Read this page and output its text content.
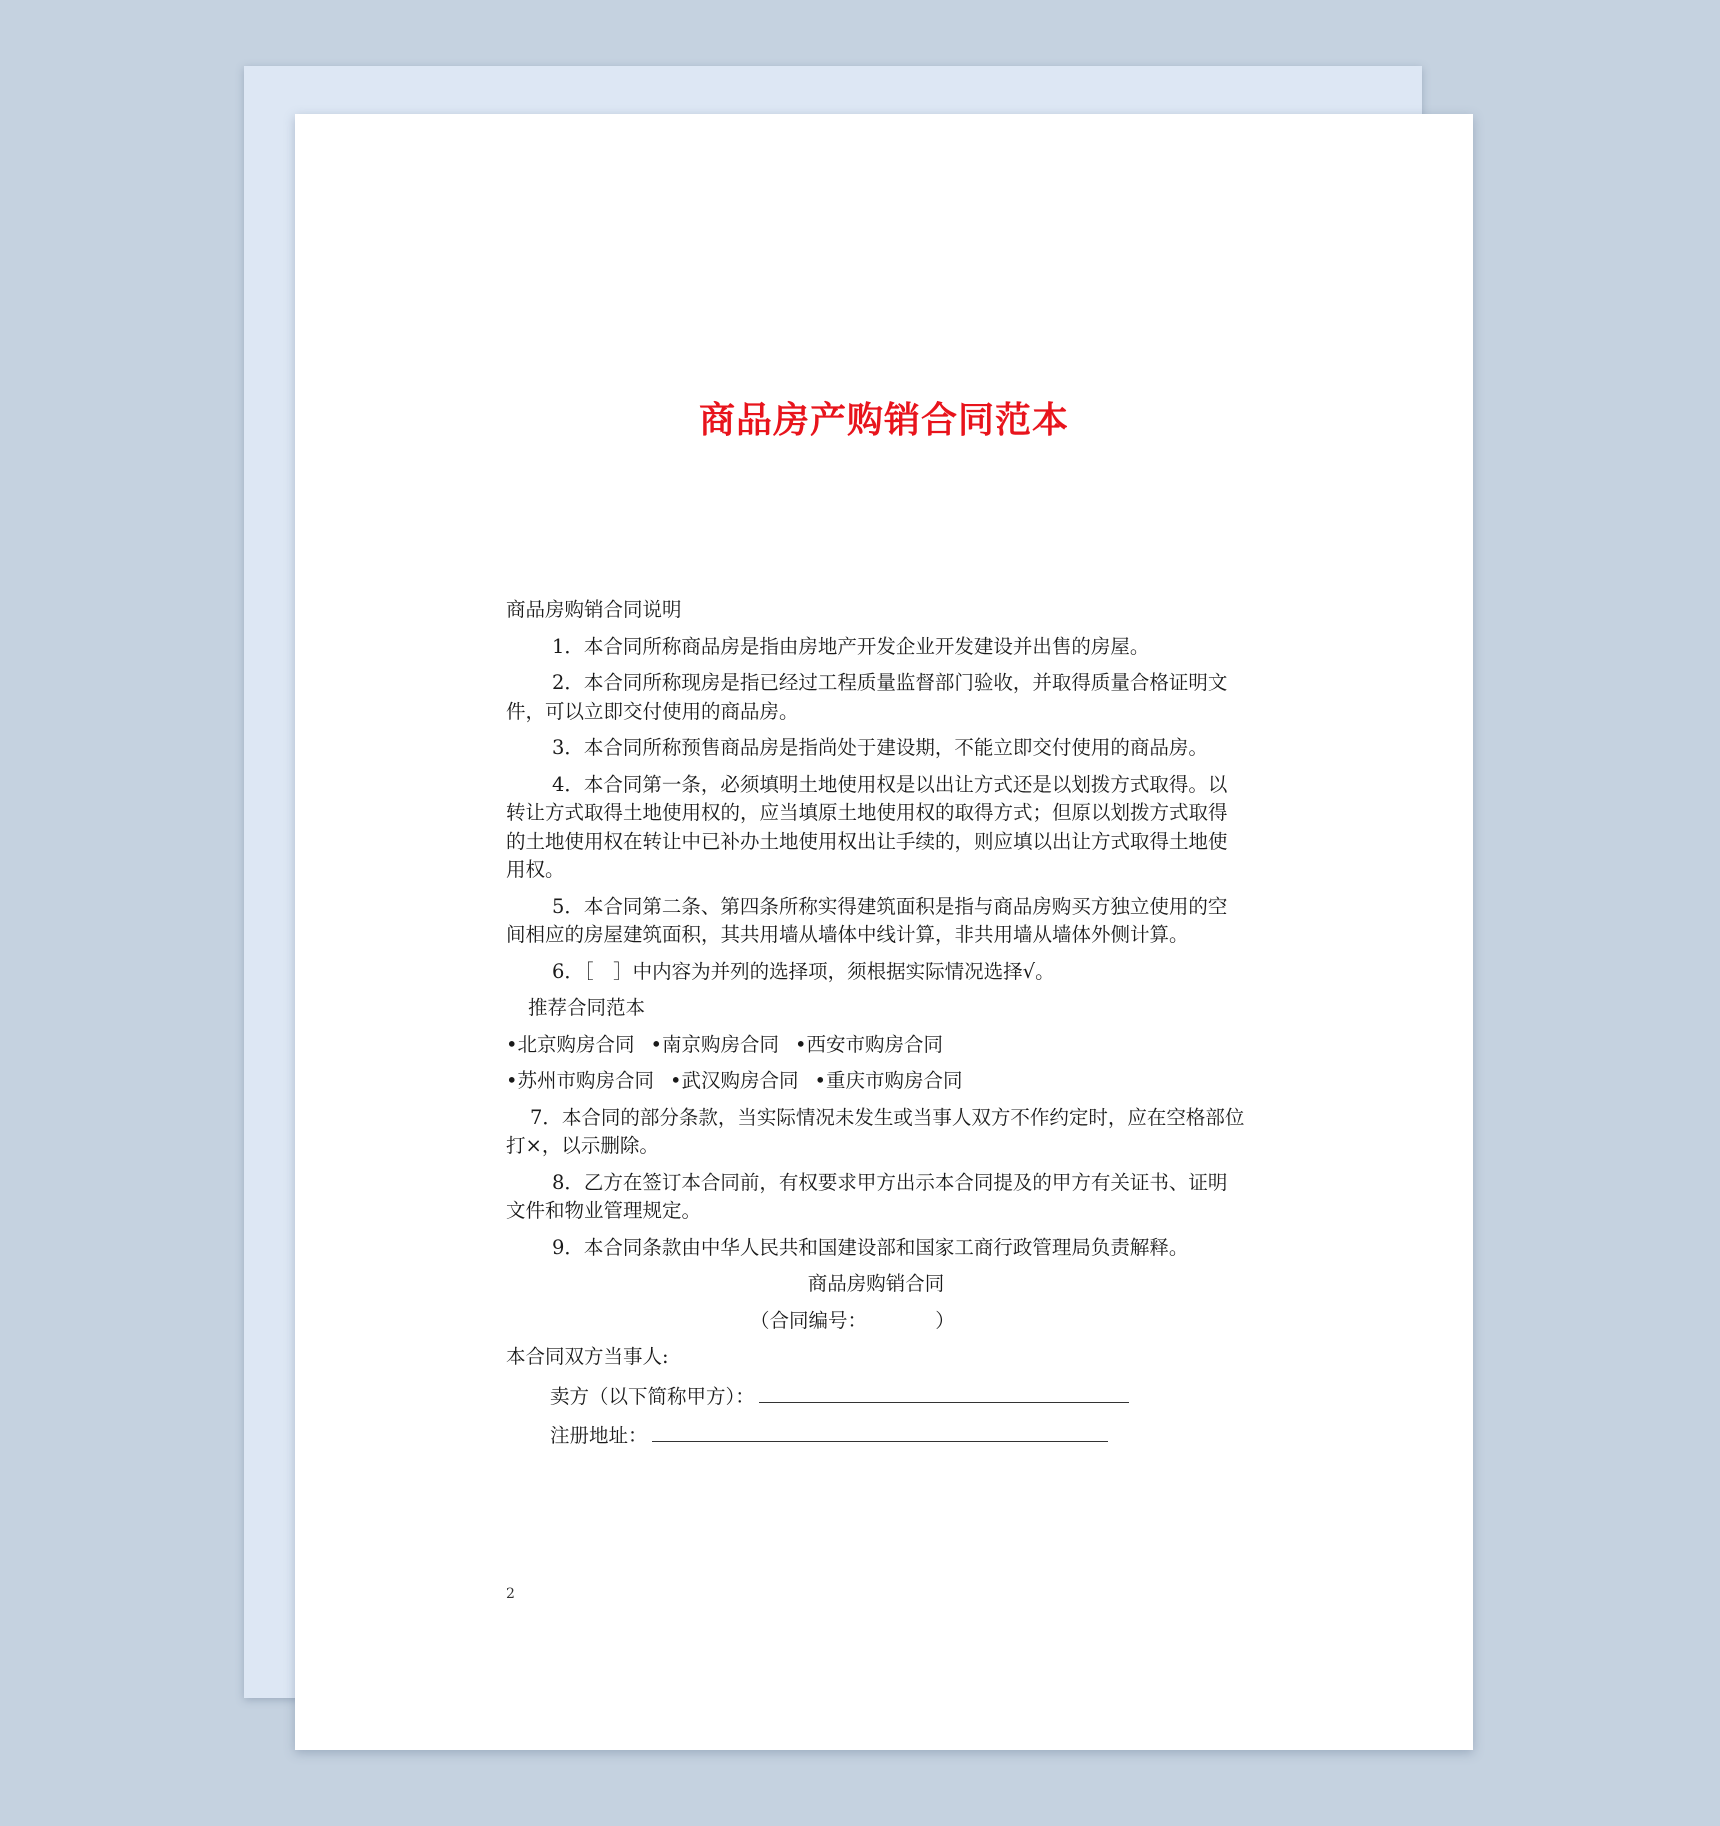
商品房产购销合同范本

商品房购销合同说明

1．本合同所称商品房是指由房地产开发企业开发建设并出售的房屋。

2．本合同所称现房是指已经过工程质量监督部门验收，并取得质量合格证明文件，可以立即交付使用的商品房。

3．本合同所称预售商品房是指尚处于建设期，不能立即交付使用的商品房。

4．本合同第一条，必须填明土地使用权是以出让方式还是以划拨方式取得。以转让方式取得土地使用权的，应当填原土地使用权的取得方式；但原以划拨方式取得的土地使用权在转让中已补办土地使用权出让手续的，则应填以出让方式取得土地使用权。

5．本合同第二条、第四条所称实得建筑面积是指与商品房购买方独立使用的空间相应的房屋建筑面积，其共用墙从墙体中线计算，非共用墙从墙体外侧计算。

6．［　］中内容为并列的选择项，须根据实际情况选择√。

推荐合同范本

•北京购房合同 •南京购房合同 •西安市购房合同
•苏州市购房合同 •武汉购房合同 •重庆市购房合同

7．本合同的部分条款，当实际情况未发生或当事人双方不作约定时，应在空格部位打×，以示删除。

8．乙方在签订本合同前，有权要求甲方出示本合同提及的甲方有关证书、证明文件和物业管理规定。

9．本合同条款由中华人民共和国建设部和国家工商行政管理局负责解释。

商品房购销合同

（合同编号：　　　　）

本合同双方当事人:

卖方（以下简称甲方）：
注册地址：
2
